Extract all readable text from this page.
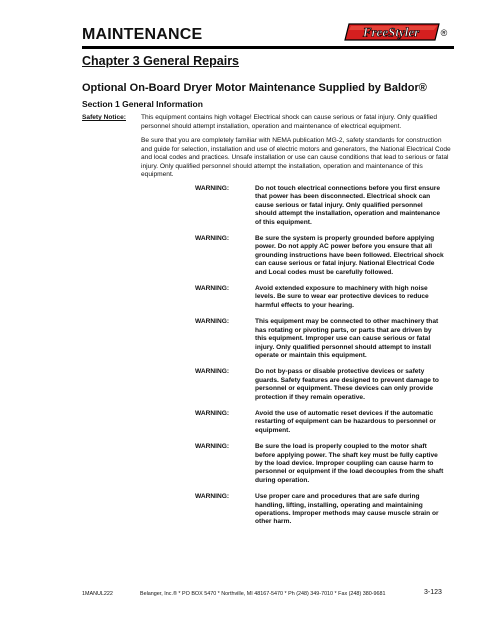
MAINTENANCE	FreeStyler ®
Chapter 3 General Repairs
Optional On-Board Dryer Motor Maintenance Supplied by Baldor®
Section 1 General Information
Safety Notice: This equipment contains high voltage! Electrical shock can cause serious or fatal injury. Only qualified personnel should attempt installation, operation and maintenance of electrical equipment.
Be sure that you are completely familiar with NEMA publication MG-2, safety standards for construction and guide for selection, installation and use of electric motors and generators, the National Electrical Code and local codes and practices. Unsafe installation or use can cause conditions that lead to serious or fatal injury. Only qualified personnel should attempt the installation, operation and maintenance of this equipment.
WARNING:	Do not touch electrical connections before you first ensure that power has been disconnected. Electrical shock can cause serious or fatal injury. Only qualified personnel should attempt the installation, operation and maintenance of this equipment.
WARNING:	Be sure the system is properly grounded before applying power. Do not apply AC power before you ensure that all grounding instructions have been followed. Electrical shock can cause serious or fatal injury. National Electrical Code and Local codes must be carefully followed.
WARNING:	Avoid extended exposure to machinery with high noise levels. Be sure to wear ear protective devices to reduce harmful effects to your hearing.
WARNING:	This equipment may be connected to other machinery that has rotating or pivoting parts, or parts that are driven by this equipment. Improper use can cause serious or fatal injury. Only qualified personnel should attempt to install operate or maintain this equipment.
WARNING:	Do not by-pass or disable protective devices or safety guards. Safety features are designed to prevent damage to personnel or equipment. These devices can only provide protection if they remain operative.
WARNING:	Avoid the use of automatic reset devices if the automatic restarting of equipment can be hazardous to personnel or equipment.
WARNING:	Be sure the load is properly coupled to the motor shaft before applying power. The shaft key must be fully captive by the load device. Improper coupling can cause harm to personnel or equipment if the load decouples from the shaft during operation.
WARNING:	Use proper care and procedures that are safe during handling, lifting, installing, operating and maintaining operations. Improper methods may cause muscle strain or other harm.
1MANUL222	Belanger, Inc.® * PO BOX 5470 * Northville, MI 48167-5470 * Ph (248) 349-7010 * Fax (248) 380-9681	3-123
